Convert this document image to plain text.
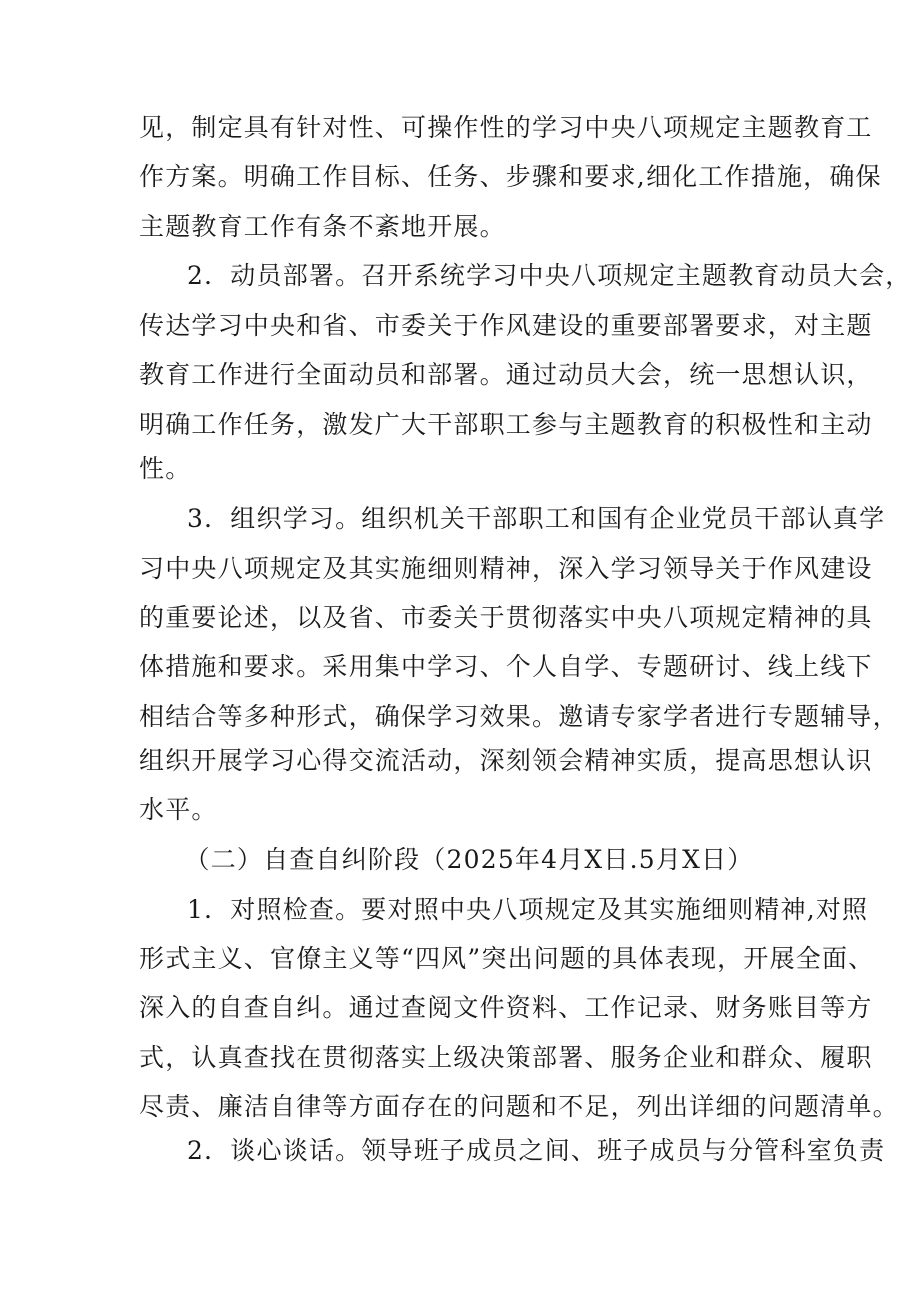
见，制定具有针对性、可操作性的学习中央八项规定主题教育工
作方案。明确工作目标、任务、步骤和要求,细化工作措施，确保
主题教育工作有条不紊地开展。
2．动员部署。召开系统学习中央八项规定主题教育动员大会，
传达学习中央和省、市委关于作风建设的重要部署要求，对主题
教育工作进行全面动员和部署。通过动员大会，统一思想认识，
明确工作任务，激发广大干部职工参与主题教育的积极性和主动
性。
3．组织学习。组织机关干部职工和国有企业党员干部认真学
习中央八项规定及其实施细则精神，深入学习领导关于作风建设
的重要论述，以及省、市委关于贯彻落实中央八项规定精神的具
体措施和要求。采用集中学习、个人自学、专题研讨、线上线下
相结合等多种形式，确保学习效果。邀请专家学者进行专题辅导，
组织开展学习心得交流活动，深刻领会精神实质，提高思想认识
水平。
（二）自查自纠阶段（2025年4月X日.5月X日）
1．对照检查。要对照中央八项规定及其实施细则精神,对照
形式主义、官僚主义等“四风”突出问题的具体表现，开展全面、
深入的自查自纠。通过查阅文件资料、工作记录、财务账目等方
式，认真查找在贯彻落实上级决策部署、服务企业和群众、履职
尽责、廉洁自律等方面存在的问题和不足，列出详细的问题清单。
2．谈心谈话。领导班子成员之间、班子成员与分管科室负责
